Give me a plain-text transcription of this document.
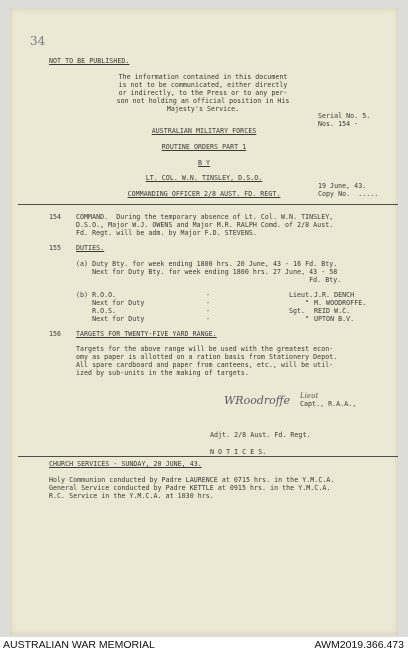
34
NOT TO BE PUBLISHED.
The information contained in this document
is not to be communicated, either directly
or indirectly, to the Press or to any per-
son not holding an official position in His
Majesty's Service.
Serial No. 5.
Nos. 154 -
AUSTRALIAN MILITARY FORCES
ROUTINE ORDERS PART 1
B Y
LT. COL. W.N. TINSLEY, D.S.O.
COMMANDING OFFICER 2/8 AUST. FD. REGT.
19 June, 43.
Copy No.  .....
154 COMMAND.  During the temporary absence of Lt. Col. W.N. TINSLEY,
D.S.O., Major W.J. OWENS and Major M.R. RALPH Comd. of 2/8 Aust.
Fd. Regt. will be adm. by Major F.D. STEVENS.
155 DUTIES.
(a) Duty Bty. for week ending 1800 hrs. 20 June, 43 - 16 Fd. Bty.
Next for Duty Bty. for week ending 1800 hrs. 27 June, 43 - 58
Fd. Bty.
(b) R.O.O.	-	Lieut. J.R. DENCH
Next for Duty	-	" M. WOODROFFE.
R.O.S.	-	Sgt. REID W.C.
Next for Duty	-	" UPTON B.V.
156 TARGETS FOR TWENTY-FIVE YARD RANGE.
Targets for the above range will be used with the greatest econ-
omy as paper is allotted on a ration basis from Stationery Depot.
All spare cardboard and paper from canteens, etc., will be util-
ized by sub-units in the making of targets.
WRoodroffe Lieut
Capt., R.A.A.,
Adjt. 2/8 Aust. Fd. Regt.
N O T I C E S.
CHURCH SERVICES - SUNDAY, 20 JUNE, 43.
Holy Communion conducted by Padre LAURENCE at 0715 hrs. in the Y.M.C.A.
General Service conducted by Padre KETTLE at 0915 hrs. in the Y.M.C.A.
R.C. Service in the Y.M.C.A. at 1030 hrs.
AUSTRALIAN WAR MEMORIAL	AWM2019.366.473
